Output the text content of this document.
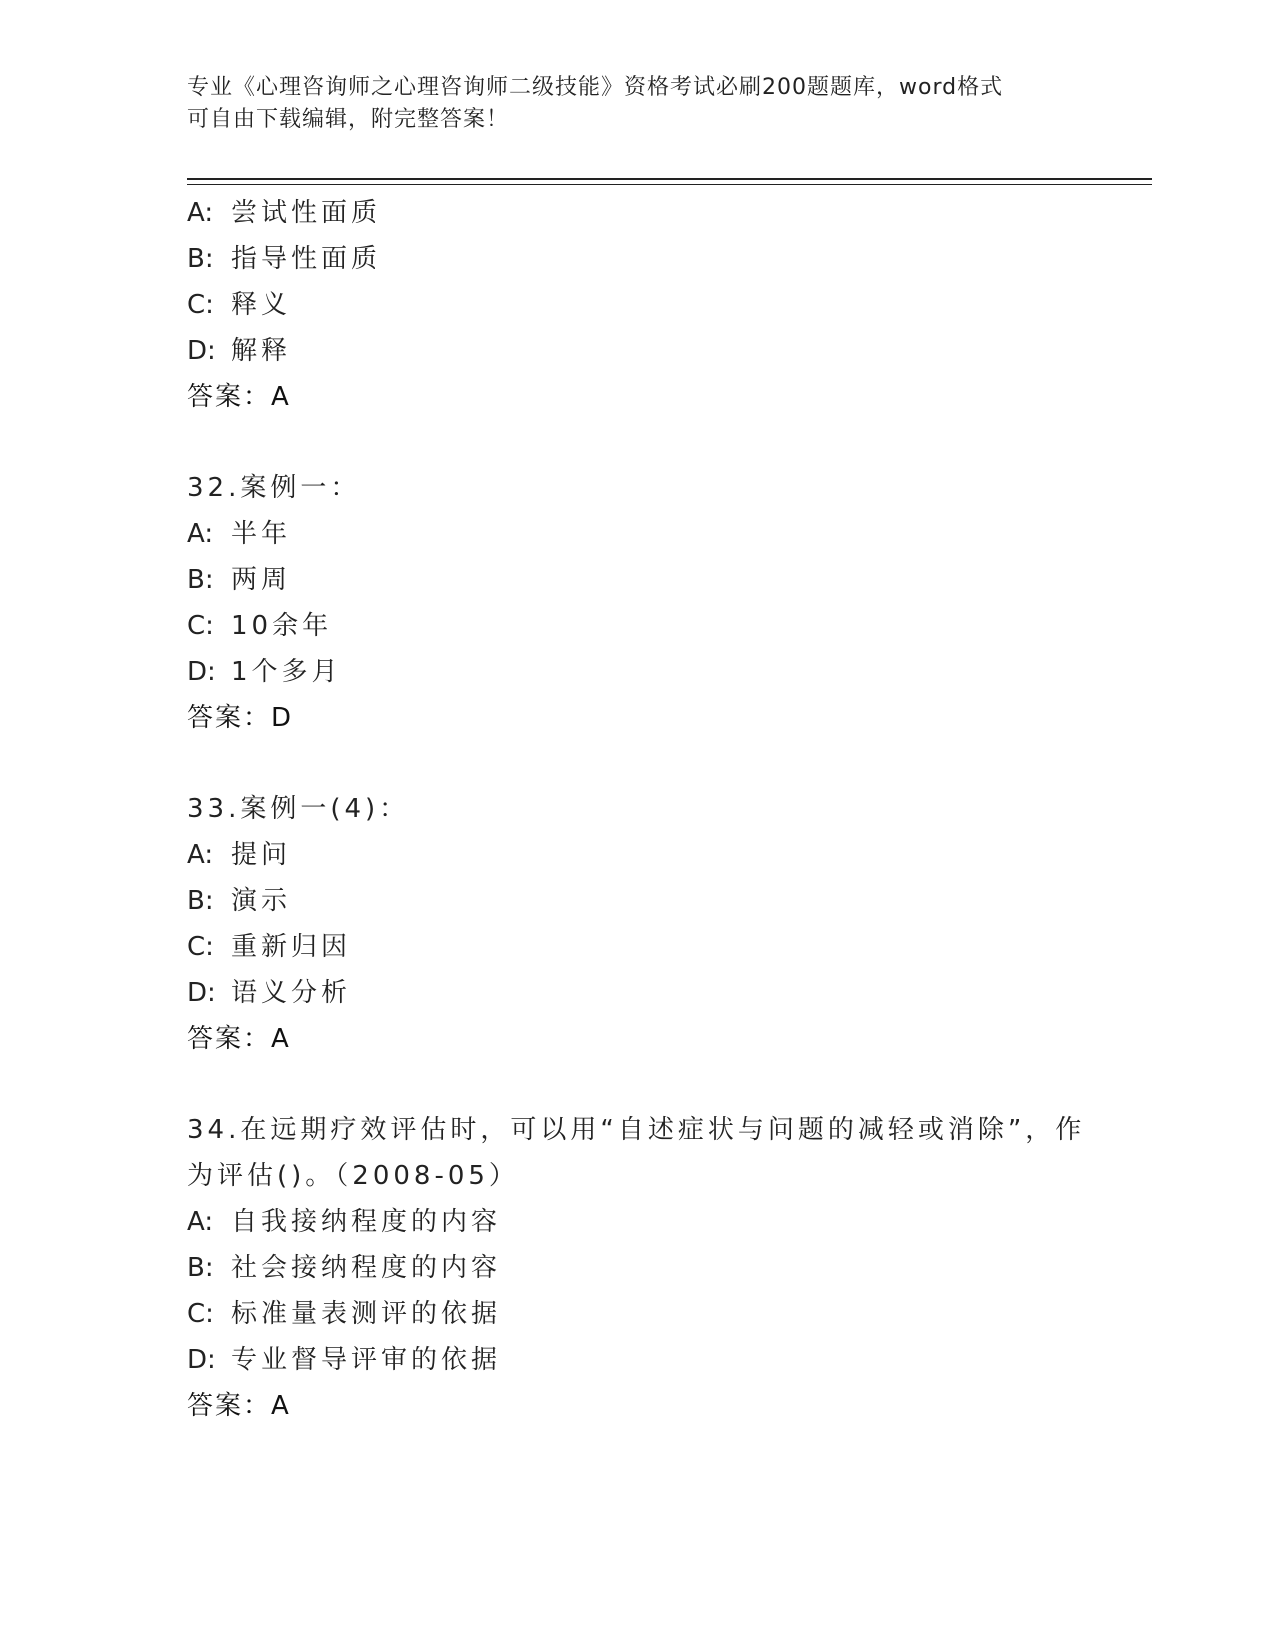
专业《心理咨询师之心理咨询师二级技能》资格考试必刷200题题库，word格式
可自由下载编辑，附完整答案！
A: 尝试性面质
B: 指导性面质
C: 释义
D: 解释
答案：A
32.案例一：
A: 半年
B: 两周
C: 10余年
D: 1个多月
答案：D
33.案例一(4)：
A: 提问
B: 演示
C: 重新归因
D: 语义分析
答案：A
34.在远期疗效评估时，可以用“自述症状与问题的减轻或消除”，作
为评估()。（2008-05）
A: 自我接纳程度的内容
B: 社会接纳程度的内容
C: 标准量表测评的依据
D: 专业督导评审的依据
答案：A
